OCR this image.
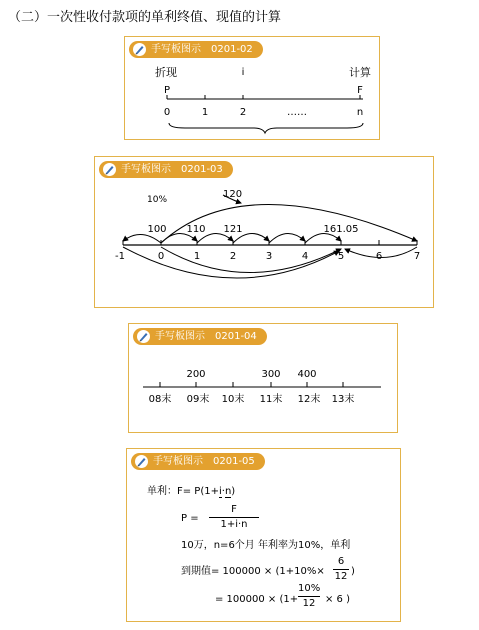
（二）一次性收付款项的单利终值、现值的计算
手写板图示 0201-02
折现	i	计算
P	F
0	1	2	……	n
手写板图示 0201-03
10%	120
100 110 121	161.05
-1	0	1	2	3	4	5	6	7
手写板图示 0201-04
200	300 400
08末 09末 10末 11末 12末 13末
手写板图示 0201-05
单利：F= P(1+i·n)
P =
F
1+i·n
10万，n=6个月 年利率为10%，单利
到期值= 100000 × (1+10%×
6
12 )
= 100000 × (1+
10%
12 × 6 )
